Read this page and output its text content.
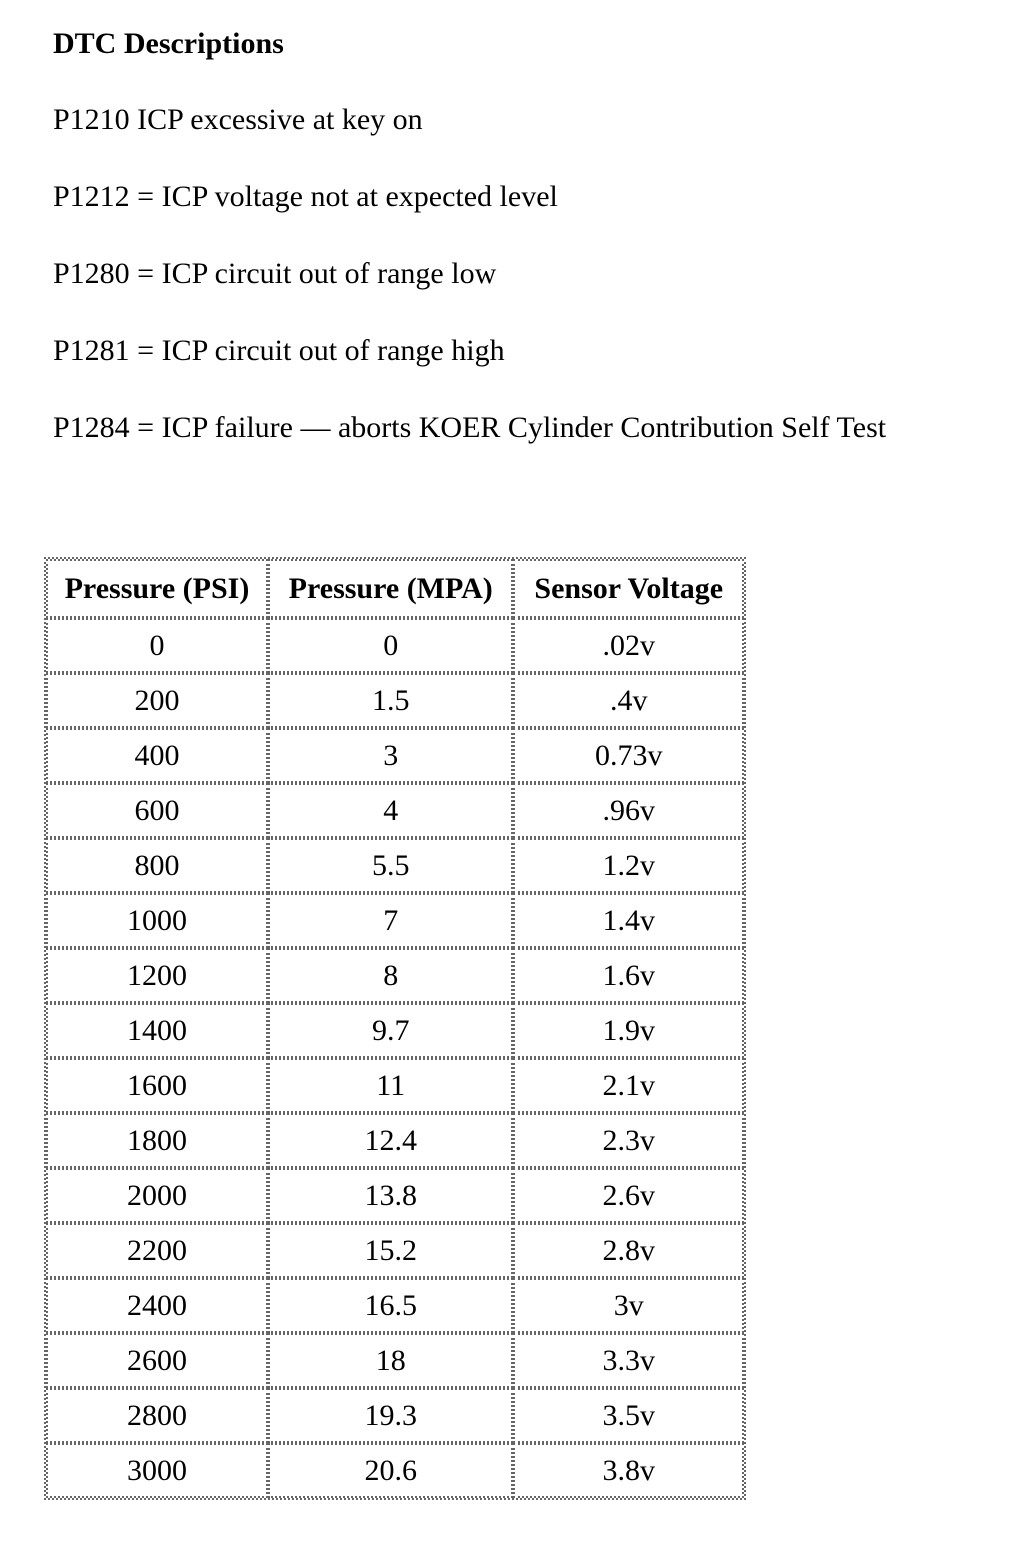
DTC Descriptions
P1210 ICP excessive at key on
P1212 = ICP voltage not at expected level
P1280 = ICP circuit out of range low
P1281 = ICP circuit out of range high
P1284 = ICP failure — aborts KOER Cylinder Contribution Self Test
Pressure (PSI)	Pressure (MPA)	Sensor Voltage
0	0	.02v
200	1.5	.4v
400	3	0.73v
600	4	.96v
800	5.5	1.2v
1000	7	1.4v
1200	8	1.6v
1400	9.7	1.9v
1600	11	2.1v
1800	12.4	2.3v
2000	13.8	2.6v
2200	15.2	2.8v
2400	16.5	3v
2600	18	3.3v
2800	19.3	3.5v
3000	20.6	3.8v
